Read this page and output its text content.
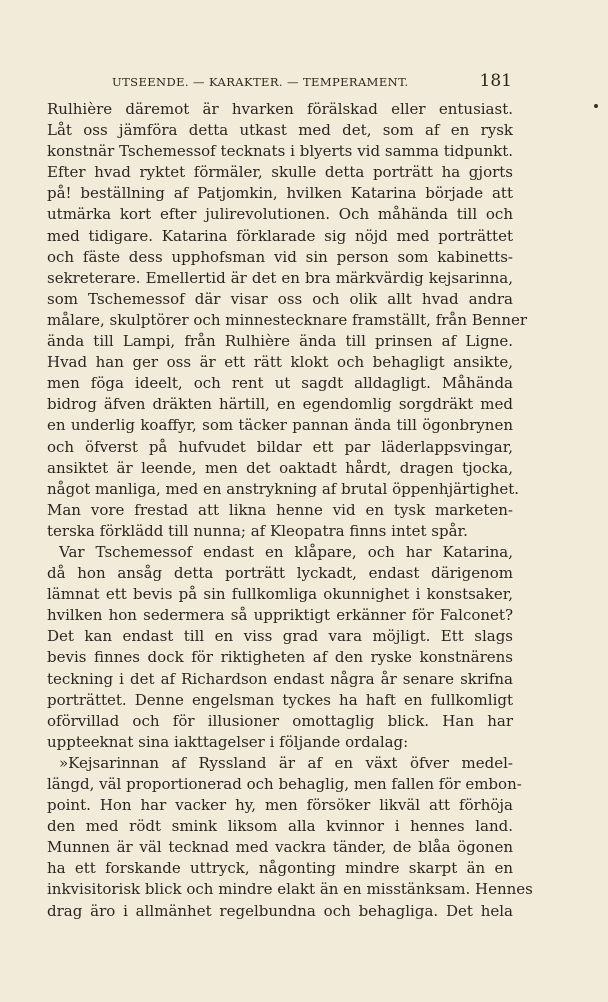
UTSEENDE. — KARAKTER. — TEMPERAMENT.	181
Rulhière däremot är hvarken förälskad eller entusiast.
Låt oss jämföra detta utkast med det, som af en rysk
konstnär Tschemessof tecknats i blyerts vid samma tidpunkt.
Efter hvad ryktet förmäler, skulle detta porträtt ha gjorts
på! beställning af Patjomkin, hvilken Katarina började att
utmärka kort efter julirevolutionen. Och måhända till och
med tidigare. Katarina förklarade sig nöjd med porträttet
och fäste dess upphofsman vid sin person som kabinetts-
sekreterare. Emellertid är det en bra märkvärdig kejsarinna,
som Tschemessof där visar oss och olik allt hvad andra
målare, skulptörer och minnestecknare framställt, från Benner
ända till Lampi, från Rulhière ända till prinsen af Ligne.
Hvad han ger oss är ett rätt klokt och behagligt ansikte,
men föga ideelt, och rent ut sagdt alldagligt. Måhända
bidrog äfven dräkten härtill, en egendomlig sorgdräkt med
en underlig koaffyr, som täcker pannan ända till ögonbrynen
och öfverst på hufvudet bildar ett par läderlappsvingar,
ansiktet är leende, men det oaktadt hårdt, dragen tjocka,
något manliga, med en anstrykning af brutal öppenhjärtighet.
Man vore frestad att likna henne vid en tysk marketen-
terska förklädd till nunna; af Kleopatra finns intet spår.
Var Tschemessof endast en klåpare, och har Katarina,
då hon ansåg detta porträtt lyckadt, endast därigenom
lämnat ett bevis på sin fullkomliga okunnighet i konstsaker,
hvilken hon sedermera så uppriktigt erkänner för Falconet?
Det kan endast till en viss grad vara möjligt. Ett slags
bevis finnes dock för riktigheten af den ryske konstnärens
teckning i det af Richardson endast några år senare skrifna
porträttet. Denne engelsman tyckes ha haft en fullkomligt
oförvillad och för illusioner omottaglig blick. Han har
uppteeknat sina iakttagelser i följande ordalag:
»Kejsarinnan af Ryssland är af en växt öfver medel-
längd, väl proportionerad och behaglig, men fallen för embon-
point. Hon har vacker hy, men försöker likväl att förhöja
den med rödt smink liksom alla kvinnor i hennes land.
Munnen är väl tecknad med vackra tänder, de blåa ögonen
ha ett forskande uttryck, någonting mindre skarpt än en
inkvisitorisk blick och mindre elakt än en misstänksam. Hennes
drag äro i allmänhet regelbundna och behagliga. Det hela
